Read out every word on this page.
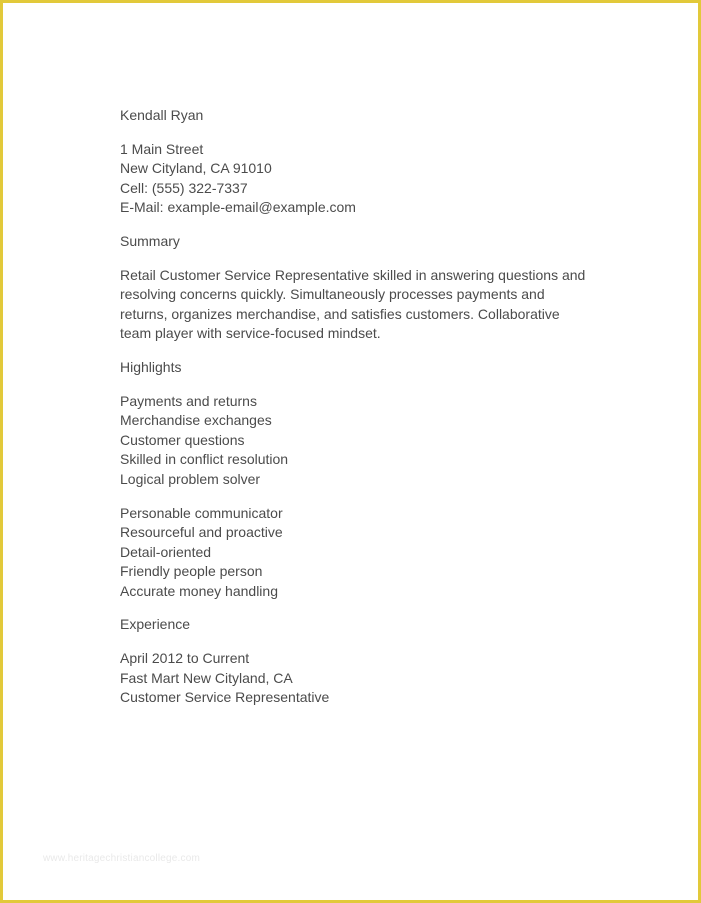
Kendall Ryan
1 Main Street
New Cityland, CA 91010
Cell: (555) 322-7337
E-Mail: example-email@example.com
Summary
Retail Customer Service Representative skilled in answering questions and
resolving concerns quickly. Simultaneously processes payments and
returns, organizes merchandise, and satisfies customers. Collaborative
team player with service-focused mindset.
Highlights
Payments and returns
Merchandise exchanges
Customer questions
Skilled in conflict resolution
Logical problem solver
Personable communicator
Resourceful and proactive
Detail-oriented
Friendly people person
Accurate money handling
Experience
April 2012 to Current
Fast Mart New Cityland, CA
Customer Service Representative
www.heritagechristiancollege.com
